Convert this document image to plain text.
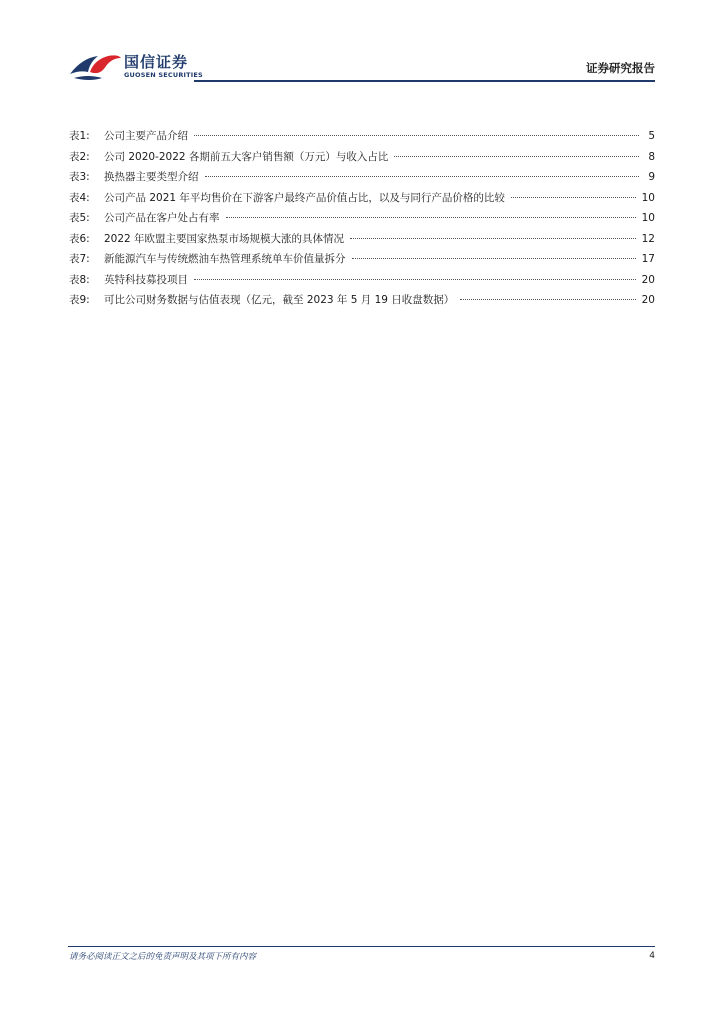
国信证券
GUOSEN SECURITIES	证券研究报告
表1:	公司主要产品介绍	5
表2:	公司 2020-2022 各期前五大客户销售额（万元）与收入占比	8
表3:	换热器主要类型介绍	9
表4:	公司产品 2021 年平均售价在下游客户最终产品价值占比，以及与同行产品价格的比较	10
表5:	公司产品在客户处占有率	10
表6:	2022 年欧盟主要国家热泵市场规模大涨的具体情况	12
表7:	新能源汽车与传统燃油车热管理系统单车价值量拆分	17
表8:	英特科技募投项目	20
表9:	可比公司财务数据与估值表现（亿元，截至 2023 年 5 月 19 日收盘数据）	20
请务必阅读正文之后的免责声明及其项下所有内容	4
